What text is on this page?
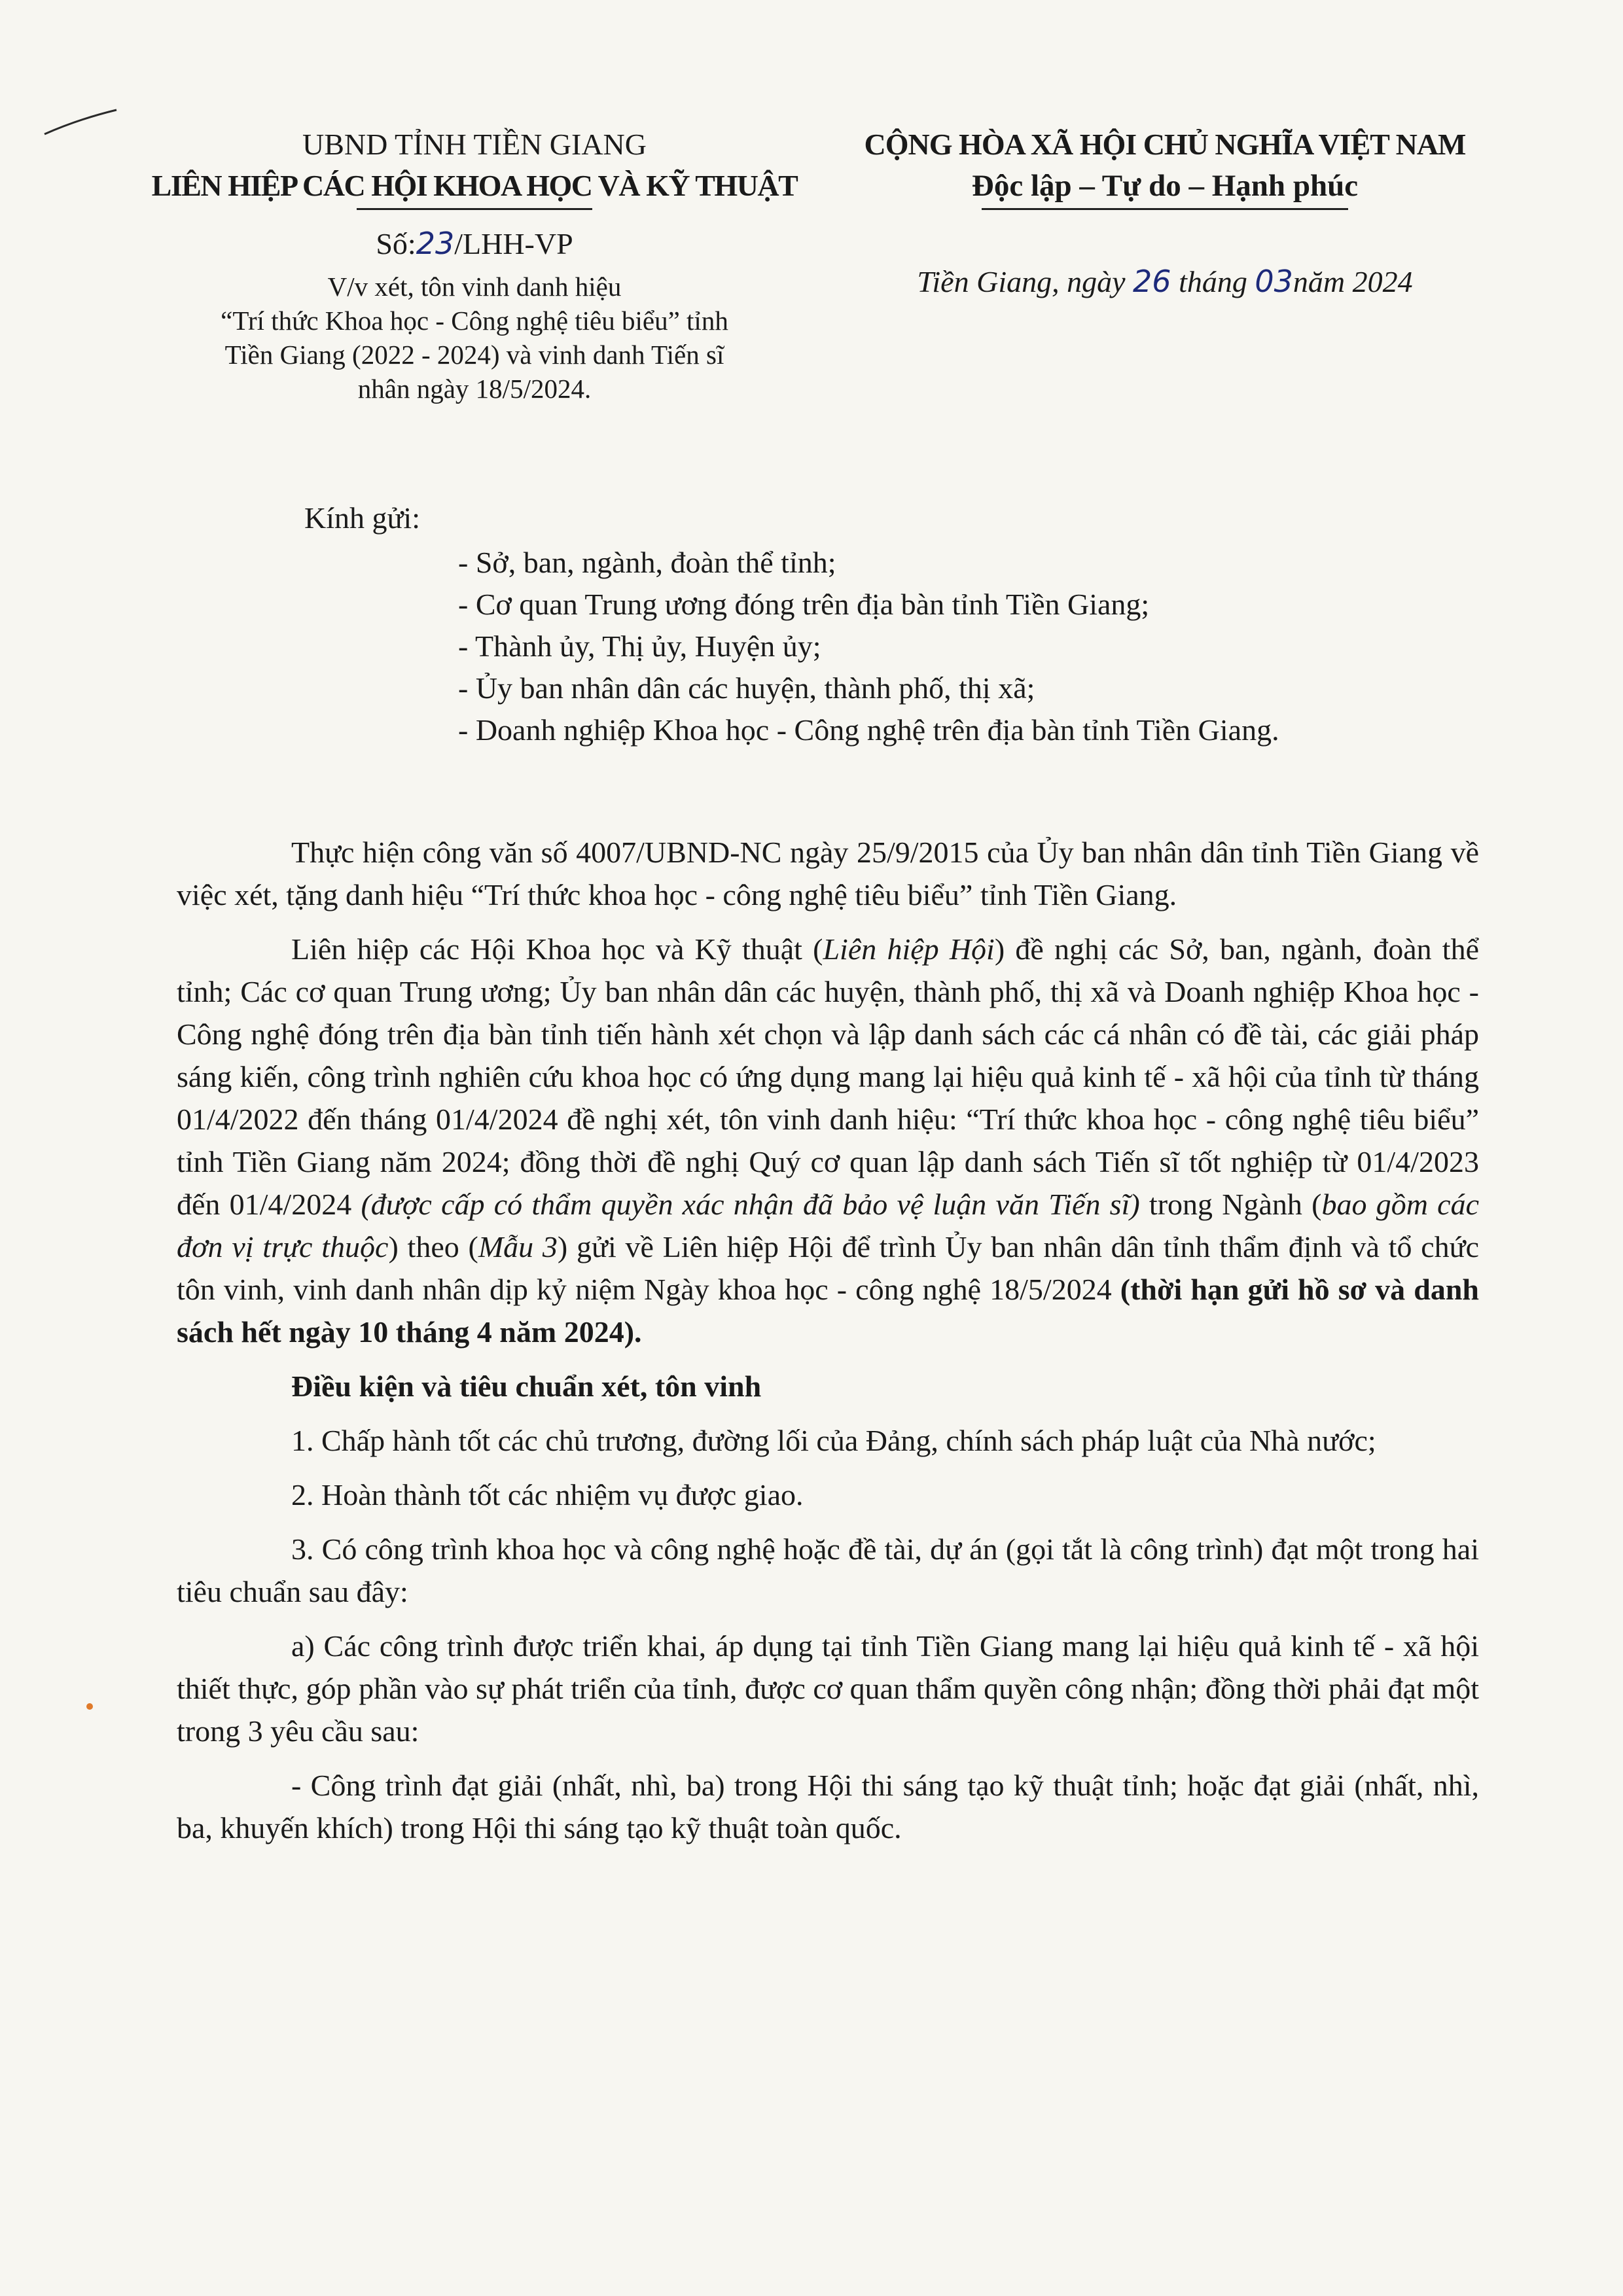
UBND TỈNH TIỀN GIANG
LIÊN HIỆP CÁC HỘI KHOA HỌC VÀ KỸ THUẬT
Số:23/LHH-VP
V/v xét, tôn vinh danh hiệu
“Trí thức Khoa học - Công nghệ tiêu biểu” tỉnh
Tiền Giang (2022 - 2024) và vinh danh Tiến sĩ
nhân ngày 18/5/2024.
CỘNG HÒA XÃ HỘI CHỦ NGHĨA VIỆT NAM
Độc lập – Tự do – Hạnh phúc
Tiền Giang, ngày 26 tháng 03năm 2024
Kính gửi:
- Sở, ban, ngành, đoàn thể tỉnh;
- Cơ quan Trung ương đóng trên địa bàn tỉnh Tiền Giang;
- Thành ủy, Thị ủy, Huyện ủy;
- Ủy ban nhân dân các huyện, thành phố, thị xã;
- Doanh nghiệp Khoa học - Công nghệ trên địa bàn tỉnh Tiền Giang.

Thực hiện công văn số 4007/UBND-NC ngày 25/9/2015 của Ủy ban nhân dân tỉnh Tiền Giang về việc xét, tặng danh hiệu “Trí thức khoa học - công nghệ tiêu biểu” tỉnh Tiền Giang.

Liên hiệp các Hội Khoa học và Kỹ thuật (Liên hiệp Hội) đề nghị các Sở, ban, ngành, đoàn thể tỉnh; Các cơ quan Trung ương; Ủy ban nhân dân các huyện, thành phố, thị xã và Doanh nghiệp Khoa học - Công nghệ đóng trên địa bàn tỉnh tiến hành xét chọn và lập danh sách các cá nhân có đề tài, các giải pháp sáng kiến, công trình nghiên cứu khoa học có ứng dụng mang lại hiệu quả kinh tế - xã hội của tỉnh từ tháng 01/4/2022 đến tháng 01/4/2024 đề nghị xét, tôn vinh danh hiệu: “Trí thức khoa học - công nghệ tiêu biểu” tỉnh Tiền Giang năm 2024; đồng thời đề nghị Quý cơ quan lập danh sách Tiến sĩ tốt nghiệp từ 01/4/2023 đến 01/4/2024 (được cấp có thẩm quyền xác nhận đã bảo vệ luận văn Tiến sĩ) trong Ngành (bao gồm các đơn vị trực thuộc) theo (Mẫu 3) gửi về Liên hiệp Hội để trình Ủy ban nhân dân tỉnh thẩm định và tổ chức tôn vinh, vinh danh nhân dịp kỷ niệm Ngày khoa học - công nghệ 18/5/2024 (thời hạn gửi hồ sơ và danh sách hết ngày 10 tháng 4 năm 2024).

Điều kiện và tiêu chuẩn xét, tôn vinh

1. Chấp hành tốt các chủ trương, đường lối của Đảng, chính sách pháp luật của Nhà nước;

2. Hoàn thành tốt các nhiệm vụ được giao.

3. Có công trình khoa học và công nghệ hoặc đề tài, dự án (gọi tắt là công trình) đạt một trong hai tiêu chuẩn sau đây:

a) Các công trình được triển khai, áp dụng tại tỉnh Tiền Giang mang lại hiệu quả kinh tế - xã hội thiết thực, góp phần vào sự phát triển của tỉnh, được cơ quan thẩm quyền công nhận; đồng thời phải đạt một trong 3 yêu cầu sau:

- Công trình đạt giải (nhất, nhì, ba) trong Hội thi sáng tạo kỹ thuật tỉnh; hoặc đạt giải (nhất, nhì, ba, khuyến khích) trong Hội thi sáng tạo kỹ thuật toàn quốc.
